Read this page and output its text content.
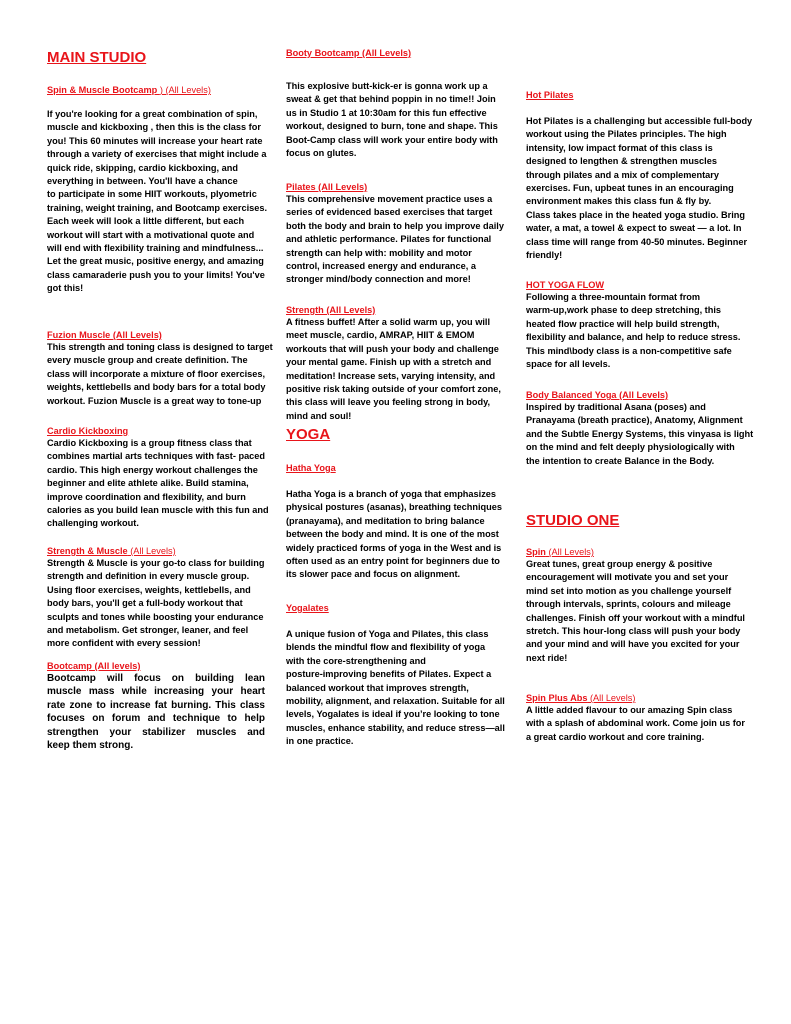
MAIN STUDIO

Spin & Muscle Bootcamp ) (All Levels)

If you're looking for a great combination of spin,

muscle and kickboxing , then this is the class for

you! This 60 minutes will increase your heart rate

through a variety of exercises that might include a

quick ride, skipping, cardio kickboxing, and

everything in between. You'll have a chance

to participate in some HIIT workouts, plyometric

training, weight training, and Bootcamp exercises.

Each week will look a little different, but each

workout will start with a motivational quote and

will end with flexibility training and mindfulness...

Let the great music, positive energy, and amazing

class camaraderie push you to your limits! You've

got this!

Fuzion Muscle (All Levels)

This strength and toning class is designed to target

every muscle group and create definition. The

class will incorporate a mixture of floor exercises,

weights, kettlebells and body bars for a total body

workout. Fuzion Muscle is a great way to tone-up

Cardio Kickboxing

Cardio Kickboxing is a group fitness class that

combines martial arts techniques with fast- paced

cardio. This high energy workout challenges the

beginner and elite athlete alike. Build stamina,

improve coordination and flexibility, and burn

calories as you build lean muscle with this fun and

challenging workout.

Strength & Muscle (All Levels)

Strength & Muscle is your go-to class for building

strength and definition in every muscle group.

Using floor exercises, weights, kettlebells, and

body bars, you'll get a full-body workout that

sculpts and tones while boosting your endurance

and metabolism. Get stronger, leaner, and feel

more confident with every session!

Bootcamp (All levels)

Bootcamp will focus on building lean

muscle mass while increasing your heart

rate zone to increase fat burning. This class

focuses on forum and technique to help

strengthen your stabilizer muscles and

keep them strong.

Booty Bootcamp (All Levels)

This explosive butt-kick-er is gonna work up a

sweat & get that behind poppin in no time!! Join

us in Studio 1 at 10:30am for this fun effective

workout, designed to burn, tone and shape. This

Boot-Camp class will work your entire body with

focus on glutes.

Pilates (All Levels)

This comprehensive movement practice uses a

series of evidenced based exercises that target

both the body and brain to help you improve daily

and athletic performance. Pilates for functional

strength can help with: mobility and motor

control, increased energy and endurance, a

stronger mind/body connection and more!

Strength (All Levels)

A fitness buffet! After a solid warm up, you will

meet muscle, cardio, AMRAP, HIIT & EMOM

workouts that will push your body and challenge

your mental game. Finish up with a stretch and

meditation! Increase sets, varying intensity, and

positive risk taking outside of your comfort zone,

this class will leave you feeling strong in body,

mind and soul!

YOGA

Hatha Yoga

Hatha Yoga is a branch of yoga that emphasizes

physical postures (asanas), breathing techniques

(pranayama), and meditation to bring balance

between the body and mind. It is one of the most

widely practiced forms of yoga in the West and is

often used as an entry point for beginners due to

its slower pace and focus on alignment.

Yogalates

A unique fusion of Yoga and Pilates, this class

blends the mindful flow and flexibility of yoga

with the core-strengthening and

posture-improving benefits of Pilates. Expect a

balanced workout that improves strength,

mobility, alignment, and relaxation. Suitable for all

levels, Yogalates is ideal if you’re looking to tone

muscles, enhance stability, and reduce stress—all

in one practice.

Hot Pilates

Hot Pilates is a challenging but accessible full-body

workout using the Pilates principles. The high

intensity, low impact format of this class is

designed to lengthen & strengthen muscles

through pilates and a mix of complementary

exercises. Fun, upbeat tunes in an encouraging

environment makes this class fun & fly by.

Class takes place in the heated yoga studio. Bring

water, a mat, a towel & expect to sweat — a lot. In

class time will range from 40-50 minutes. Beginner

friendly!

HOT YOGA FLOW

Following a three-mountain format from

warm-up,work phase to deep stretching, this

heated flow practice will help build strength,

flexibility and balance, and help to reduce stress.

This mind\body class is a non-competitive safe

space for all levels.

Body Balanced Yoga (All Levels)

Inspired by traditional Asana (poses) and

Pranayama (breath practice), Anatomy, Alignment

and the Subtle Energy Systems, this vinyasa is light

on the mind and felt deeply physiologically with

the intention to create Balance in the Body.

STUDIO ONE

Spin (All Levels)

Great tunes, great group energy & positive

encouragement will motivate you and set your

mind set into motion as you challenge yourself

through intervals, sprints, colours and mileage

challenges. Finish off your workout with a mindful

stretch. This hour-long class will push your body

and your mind and will have you excited for your

next ride!

Spin Plus Abs (All Levels)

A little added flavour to our amazing Spin class

with a splash of abdominal work. Come join us for

a great cardio workout and core training.
